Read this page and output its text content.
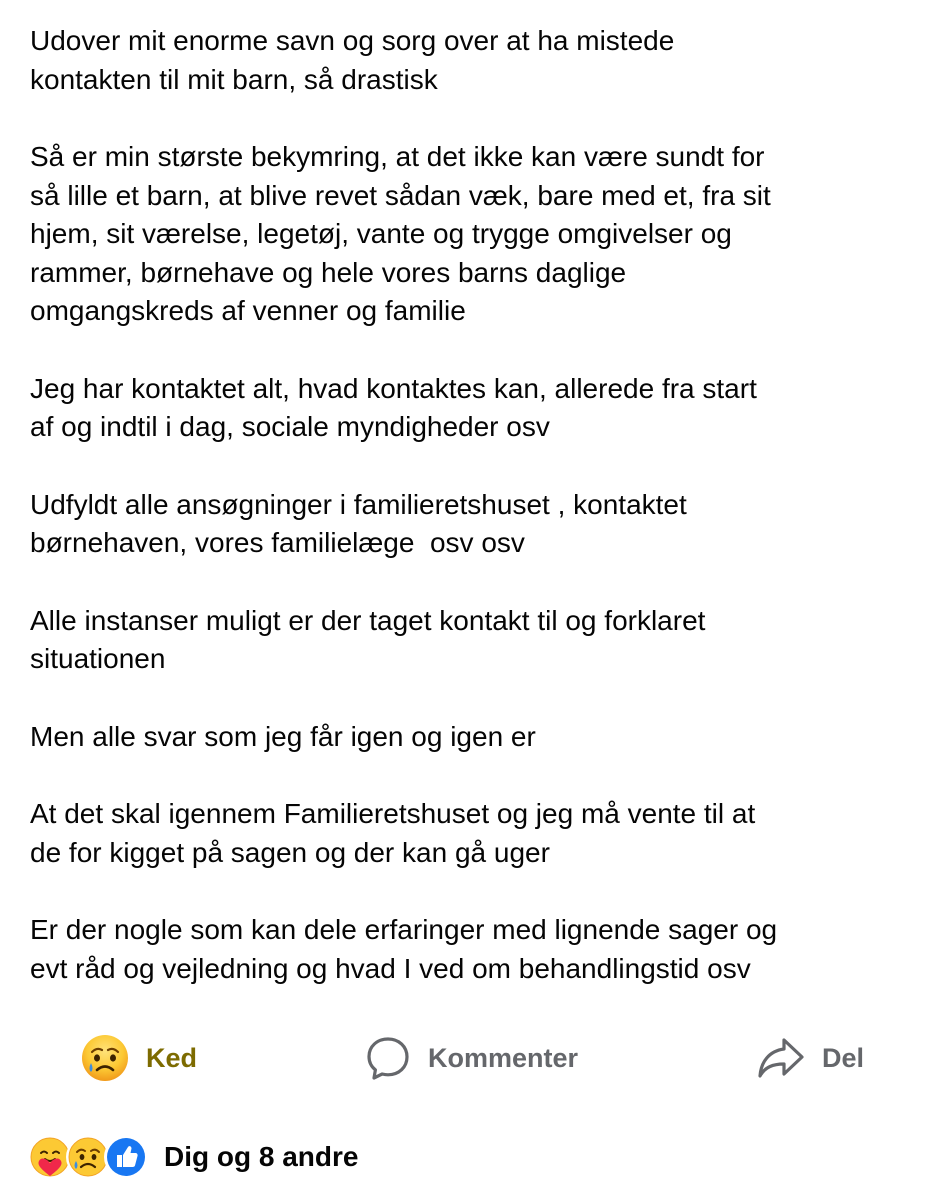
Udover mit enorme savn og sorg over at ha mistede
kontakten til mit barn, så drastisk

Så er min største bekymring, at det ikke kan være sundt for
så lille et barn, at blive revet sådan væk, bare med et, fra sit
hjem, sit værelse, legetøj, vante og trygge omgivelser og
rammer, børnehave og hele vores barns daglige
omgangskreds af venner og familie

Jeg har kontaktet alt, hvad kontaktes kan, allerede fra start
af og indtil i dag, sociale myndigheder osv

Udfyldt alle ansøgninger i familieretshuset , kontaktet
børnehaven, vores familielæge  osv osv

Alle instanser muligt er der taget kontakt til og forklaret
situationen

Men alle svar som jeg får igen og igen er

At det skal igennem Familieretshuset og jeg må vente til at
de for kigget på sagen og der kan gå uger

Er der nogle som kan dele erfaringer med lignende sager og
evt råd og vejledning og hvad I ved om behandlingstid osv

Ked	Kommenter	Del
Dig og 8 andre
